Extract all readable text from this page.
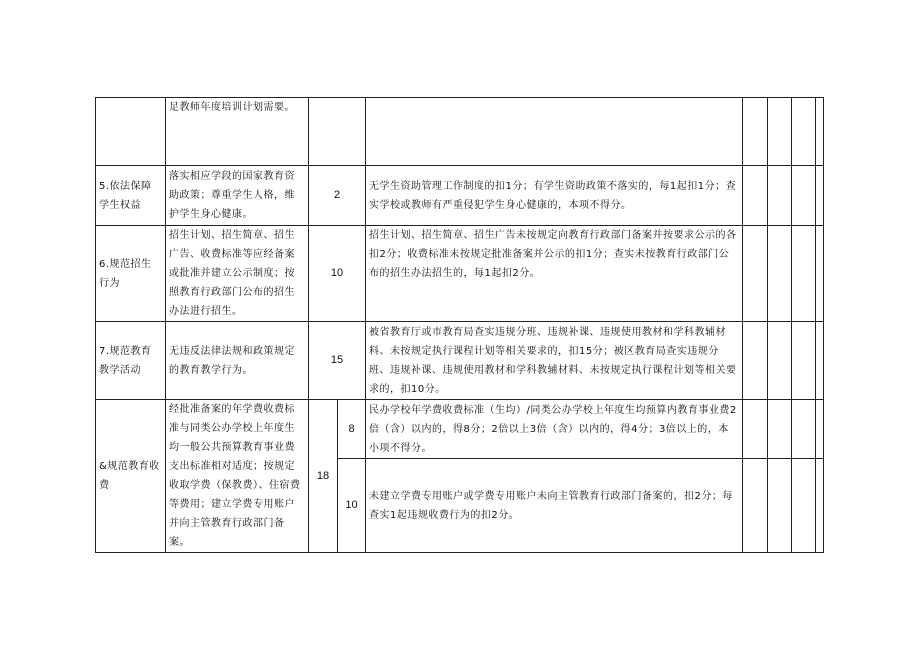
	足教师年度培训计划需要。							
5.依法保障学生权益	落实相应学段的国家教育资助政策；尊重学生人格，维护学生身心健康。	2		无学生资助管理工作制度的扣1分；有学生资助政策不落实的，每1起扣1分；查实学校或教师有严重侵犯学生身心健康的，本项不得分。				
6.规范招生行为	招生计划、招生简章、招生广告、收费标准等应经备案或批准并建立公示制度；按照教育行政部门公布的招生办法进行招生。	10		招生计划、招生简章、招生广告未按规定向教育行政部门备案并按要求公示的各扣2分；收费标准未按规定批准备案并公示的扣1分；查实未按教育行政部门公布的招生办法招生的，每1起扣2分。				
7.规范教育教学活动	无违反法律法规和政策规定的教育教学行为。	15		被省教育厅或市教育局查实违规分班、违规补课、违规使用教材和学科教辅材料、未按规定执行课程计划等相关要求的，扣15分；被区教育局查实违规分班、违规补课、违规使用教材和学科教辅材料、未按规定执行课程计划等相关要求的，扣10分。				
&规范教育收费	经批准备案的年学费收费标准与同类公办学校上年度生均一般公共预算教育事业费支出标准相对适度；按规定收取学费（保教费）、住宿费等费用；建立学费专用账户并向主管教育行政部门备案。	18	8	民办学校年学费收费标准（生均）/同类公办学校上年度生均预算内教育事业费2倍（含）以内的，得8分；2倍以上3倍（含）以内的，得4分；3倍以上的，本小项不得分。				
			10	未建立学费专用账户或学费专用账户未向主管教育行政部门备案的，扣2分；每查实1起违规收费行为的扣2分。				
